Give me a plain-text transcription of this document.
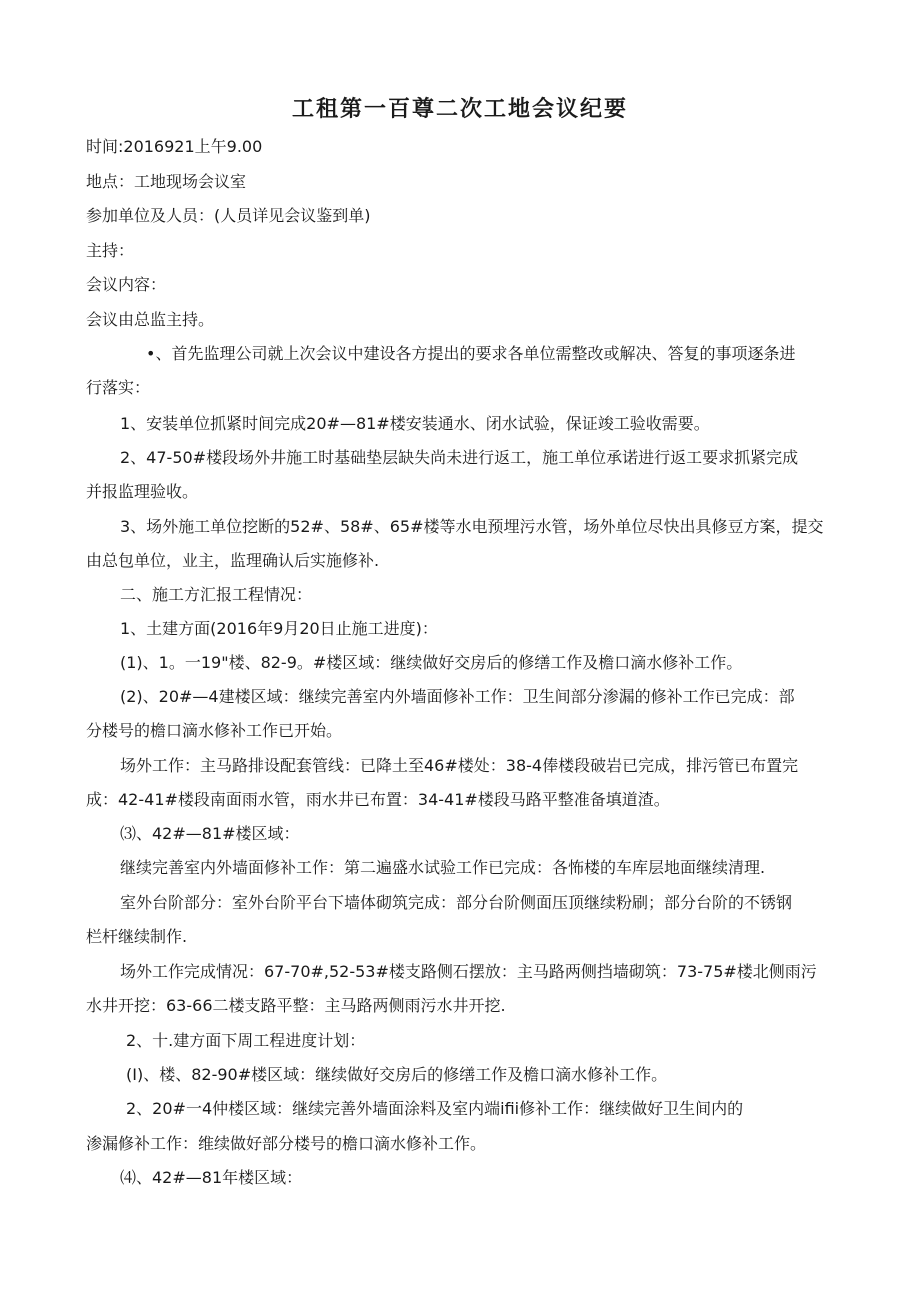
工租第一百尊二次工地会议纪要
时间:2016921上午9.00
地点：工地现场会议室
参加单位及人员：(人员详见会议鉴到单)
主持：
会议内容：
会议由总监主持。
•、首先监理公司就上次会议中建设各方提出的要求各单位需整改或解决、答复的事项逐条进
行落实：
1、安装单位抓紧时间完成20#—81#楼安装通水、闭水试验，保证竣工验收需要。
2、47-50#楼段场外井施工时基础垫层缺失尚未进行返工，施工单位承诺进行返工要求抓紧完成
并报监理验收。
3、场外施工单位挖断的52#、58#、65#楼等水电预埋污水管，场外单位尽快出具修豆方案，提交
由总包单位，业主，监理确认后实施修补.
二、施工方汇报工程情况：
1、土建方面(2016年9月20日止施工进度)：
(1)、1。一19"楼、82-9。#楼区域：继续做好交房后的修缮工作及檐口滴水修补工作。
(2)、20#—4建楼区域：继续完善室内外墙面修补工作：卫生间部分渗漏的修补工作已完成：部
分楼号的檐口滴水修补工作已开始。
场外工作：主马路排设配套管线：已降土至46#楼处：38-4俸楼段破岩已完成，排污管已布置完
成：42-41#楼段南面雨水管，雨水井已布置：34-41#楼段马路平整准备填道渣。
⑶、42#—81#楼区域：
继续完善室内外墙面修补工作：第二遍盛水试验工作已完成：各怖楼的车库层地面继续清理.
室外台阶部分：室外台阶平台下墙体砌筑完成：部分台阶侧面压顶继续粉刷；部分台阶的不锈钢
栏杆继续制作.
场外工作完成情况：67-70#,52-53#楼支路侧石摆放：主马路两侧挡墙砌筑：73-75#楼北侧雨污
水井开挖：63-66二楼支路平整：主马路两侧雨污水井开挖.
2、十.建方面下周工程进度计划：
(I)、楼、82-90#楼区域：继续做好交房后的修缮工作及檐口滴水修补工作。
2、20#一4仲楼区域：继续完善外墙面涂料及室内端ifii修补工作：继续做好卫生间内的
渗漏修补工作：维续做好部分楼号的檐口滴水修补工作。
⑷、42#—81年楼区域：
